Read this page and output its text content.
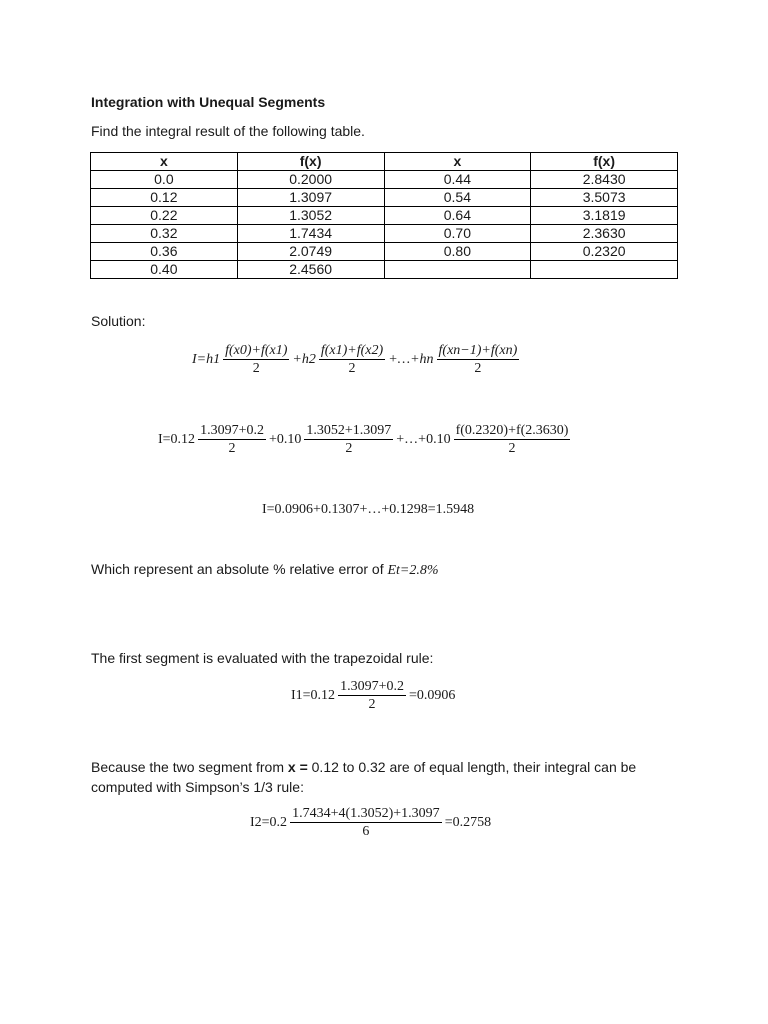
Integration with Unequal Segments
Find the integral result of the following table.
x	f(x)	x	f(x)
0.0	0.2000	0.44	2.8430
0.12	1.3097	0.54	3.5073
0.22	1.3052	0.64	3.1819
0.32	1.7434	0.70	2.3630
0.36	2.0749	0.80	0.2320
0.40	2.4560		
Solution:
$I=h1 \frac{f(x0)+f(x1)}{2} +h2 \frac{f(x1)+f(x2)}{2}$ +…+hn $\frac{f(xn-1)+f(xn)}{2}$
$I=0.12 \frac{1.3097+0.2}{2} +0.10 \frac{1.3052+1.3097}{2}$ +…+0.10 $\frac{f(0.2320)+f(2.3630)}{2}$
I=0.0906+0.1307+…+0.1298=1.5948
Which represent an absolute % relative error of Et=2.8%
The first segment is evaluated with the trapezoidal rule:
$I1=0.12 \frac{1.3097+0.2}{2} =0.0906$
Because the two segment from x = 0.12 to 0.32 are of equal length, their integral can be computed with Simpson’s 1/3 rule:
$I2=0.2 \frac{1.7434+4(1.3052)+1.3097}{6} =0.2758$
